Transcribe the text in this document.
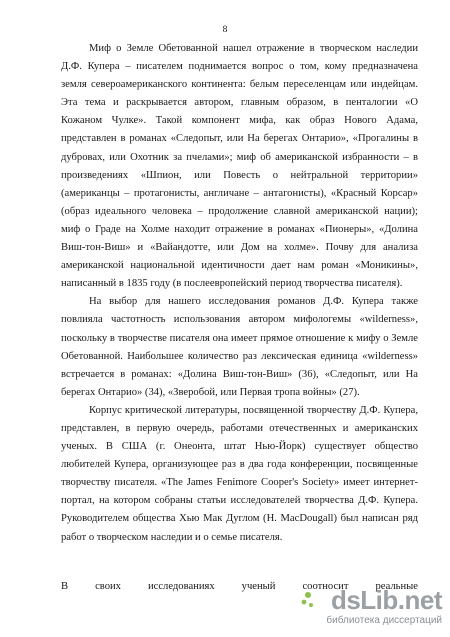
8

Миф о Земле Обетованной нашел отражение в творческом наследии Д.Ф. Купера – писателем поднимается вопрос о том, кому предназначена земля североамериканского континента: белым переселенцам или индейцам. Эта тема и раскрывается автором, главным образом, в пенталогии «О Кожаном Чулке». Такой компонент мифа, как образ Нового Адама, представлен в романах «Следопыт, или На берегах Онтарио», «Прогалины в дубровах, или Охотник за пчелами»; миф об американской избранности – в произведениях «Шпион, или Повесть о нейтральной территории» (американцы – протагонисты, англичане – антагонисты), «Красный Корсар» (образ идеального человека – продолжение славной американской нации); миф о Граде на Холме находит отражение в романах «Пионеры», «Долина Виш-тон-Виш» и «Вайандотте, или Дом на холме». Почву для анализа американской национальной идентичности дает нам роман «Моникины», написанный в 1835 году (в послеевропейский период творчества писателя).

На выбор для нашего исследования романов Д.Ф. Купера также повлияла частотность использования автором мифологемы «wilderness», поскольку в творчестве писателя она имеет прямое отношение к мифу о Земле Обетованной. Наибольшее количество раз лексическая единица «wilderness» встречается в романах: «Долина Виш-тон-Виш» (36), «Следопыт, или На берегах Онтарио» (34), «Зверобой, или Первая тропа войны» (27).

Корпус критической литературы, посвященной творчеству Д.Ф. Купера, представлен, в первую очередь, работами отечественных и американских ученых. В США (г. Онеонта, штат Нью-Йорк) существует общество любителей Купера, организующее раз в два года конференции, посвященные творчеству писателя. «The James Fenimore Cooper's Society» имеет интернет-портал, на котором собраны статьи исследователей творчества Д.Ф. Купера. Руководителем общества Хью Мак Дуглом (H. MacDougall) был написан ряд работ о творческом наследии и о семье писателя.

В своих исследованиях ученый соотносит реальные
dsLib.net
библиотека диссертаций
